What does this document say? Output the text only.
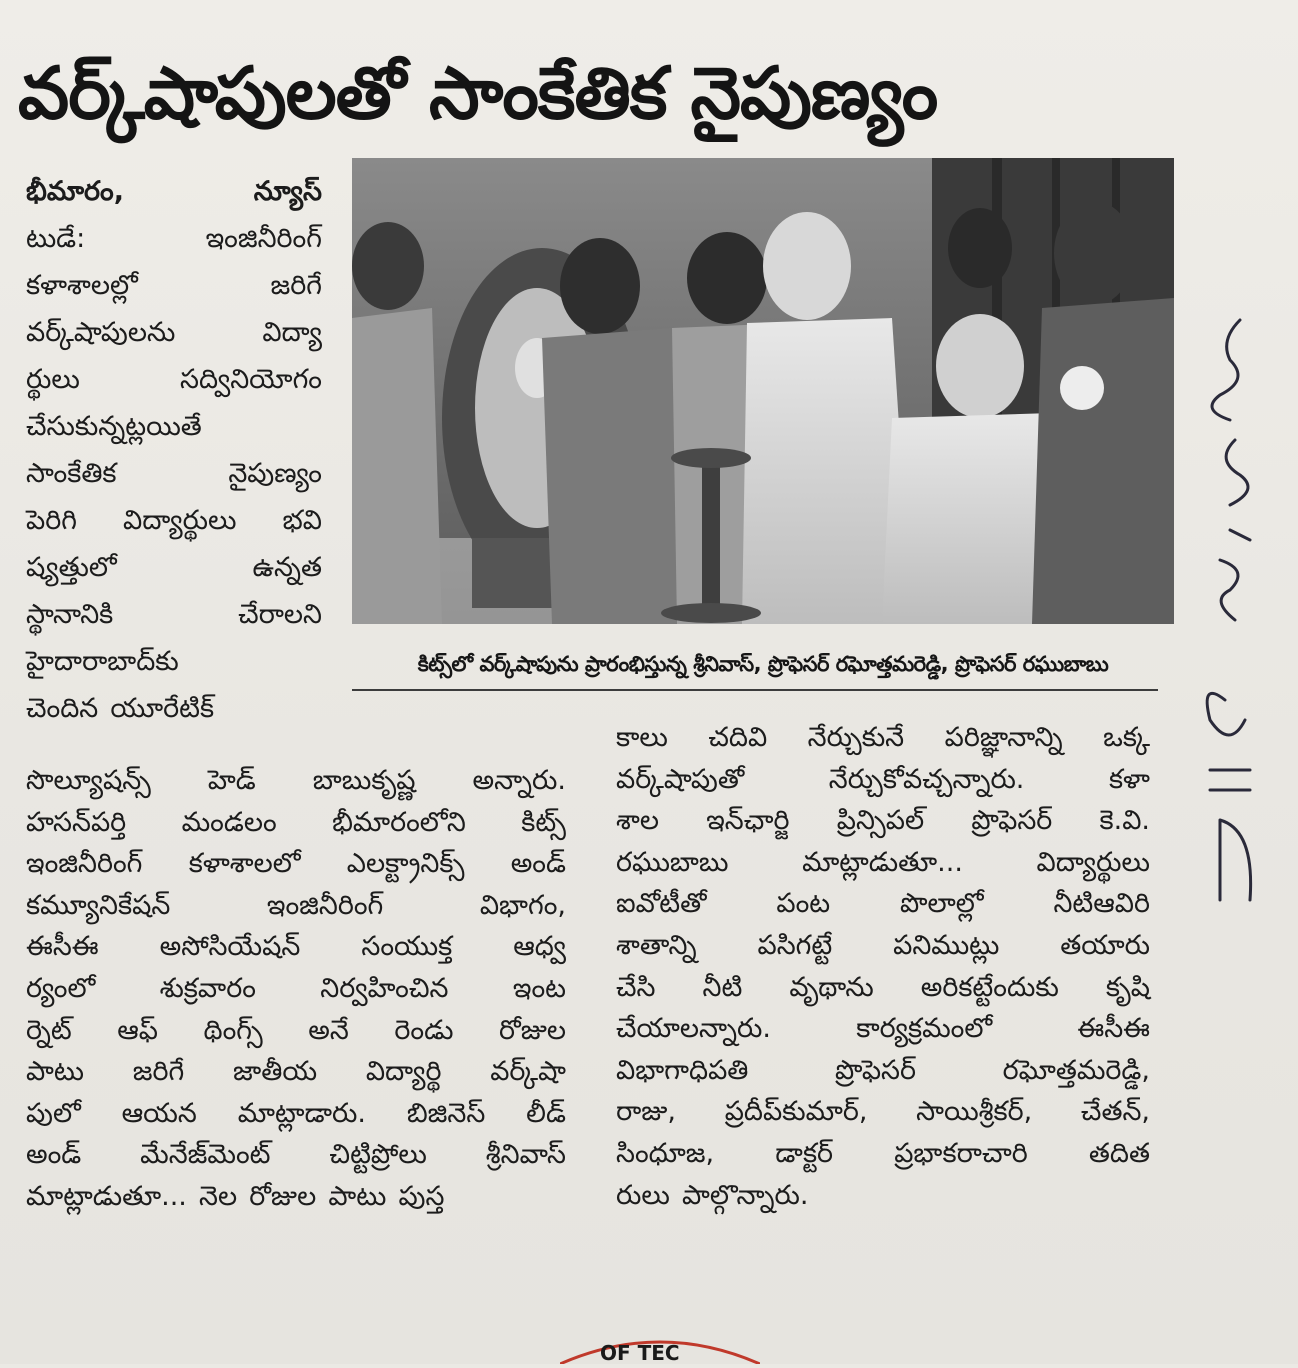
వర్క్‌షాపులతో సాంకేతిక నైపుణ్యం
భీమారం,	న్యూస్
టుడే:	ఇంజినీరింగ్
కళాశాలల్లో	జరిగే
వర్క్‌షాపులను	విద్యా
ర్థులు	సద్వినియోగం
చేసుకున్నట్లయితే
సాంకేతిక	నైపుణ్యం
పెరిగి విద్యార్థులు భవి
ష్యత్తులో	ఉన్నత
స్థానానికి	చేరాలని
హైదారాబాద్‌కు
చెందిన యూరేటిక్
కిట్స్‌లో వర్క్‌షాపును ప్రారంభిస్తున్న శ్రీనివాస్, ప్రొఫెసర్ రఘోత్తమరెడ్డి, ప్రొఫెసర్ రఘుబాబు
సొల్యూషన్స్ హెడ్ బాబుకృష్ణ అన్నారు.
హసన్‌పర్తి మండలం భీమారంలోని కిట్స్
ఇంజినీరింగ్ కళాశాలలో ఎలక్ట్రానిక్స్ అండ్
కమ్యూనికేషన్	ఇంజినీరింగ్	విభాగం,
ఈసీఈ అసోసియేషన్ సంయుక్త ఆధ్వ
ర్యంలో శుక్రవారం నిర్వహించిన ఇంట
ర్నెట్ ఆఫ్ థింగ్స్ అనే రెండు రోజుల
పాటు జరిగే జాతీయ విద్యార్థి వర్క్‌షా
పులో ఆయన మాట్లాడారు. బిజినెస్ లీడ్
అండ్ మేనేజ్‌మెంట్ చిట్టిప్రోలు శ్రీనివాస్
మాట్లాడుతూ... నెల రోజుల పాటు పుస్త
కాలు చదివి నేర్చుకునే పరిజ్ఞానాన్ని ఒక్క
వర్క్‌షాపుతో	నేర్చుకోవచ్చన్నారు.	కళా
శాల ఇన్‌ఛార్జి ప్రిన్సిపల్ ప్రొఫెసర్ కె.వి.
రఘుబాబు	మాట్లాడుతూ...	విద్యార్థులు
ఐవోటీతో	పంట	పొలాల్లో	నీటిఆవిరి
శాతాన్ని పసిగట్టే పనిముట్లు తయారు
చేసి నీటి వృథాను అరికట్టేందుకు కృషి
చేయాలన్నారు.	కార్యక్రమంలో	ఈసీఈ
విభాగాధిపతి	ప్రొఫెసర్	రఘోత్తమరెడ్డి,
రాజు, ప్రదీప్‌కుమార్, సాయిశ్రీకర్, చేతన్,
సింధూజ, డాక్టర్ ప్రభాకరాచారి తదిత
రులు పాల్గొన్నారు.
OF TEC
